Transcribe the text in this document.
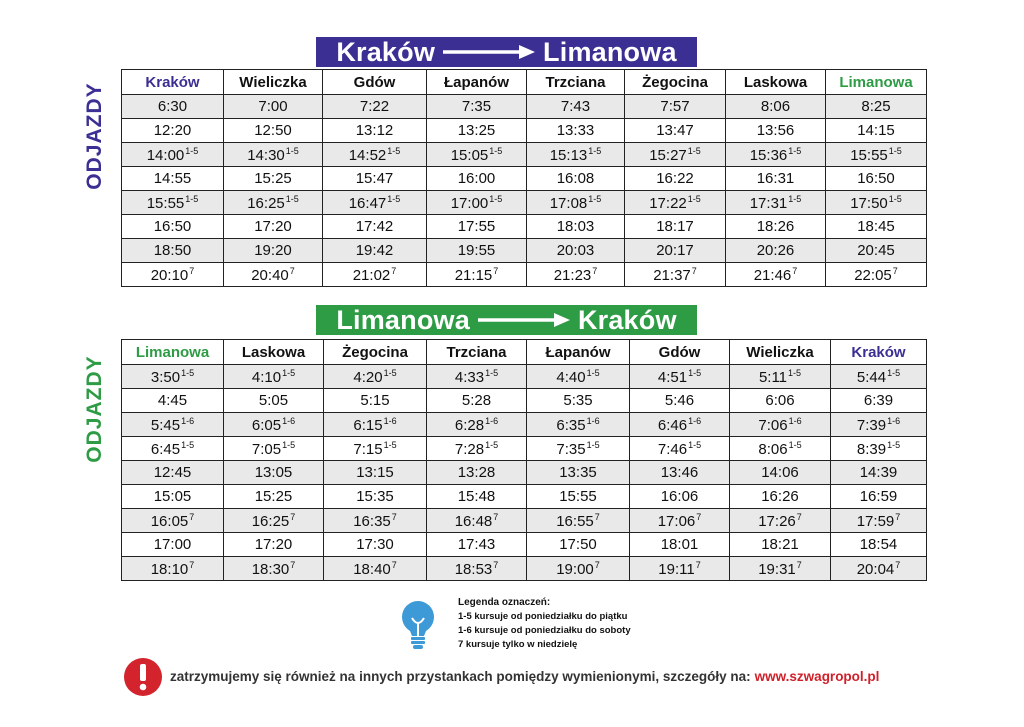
Kraków	Limanowa
ODJAZDY
Kraków	Wieliczka	Gdów	Łapanów	Trzciana	Żegocina	Laskowa	Limanowa
6:30	7:00	7:22	7:35	7:43	7:57	8:06	8:25
12:20	12:50	13:12	13:25	13:33	13:47	13:56	14:15
14:00$^{1-5}$	14:30$^{1-5}$	14:52$^{1-5}$	15:05$^{1-5}$	15:13$^{1-5}$	15:27$^{1-5}$	15:36$^{1-5}$	15:55$^{1-5}$
14:55	15:25	15:47	16:00	16:08	16:22	16:31	16:50
15:55$^{1-5}$	16:25$^{1-5}$	16:47$^{1-5}$	17:00$^{1-5}$	17:08$^{1-5}$	17:22$^{1-5}$	17:31$^{1-5}$	17:50$^{1-5}$
16:50	17:20	17:42	17:55	18:03	18:17	18:26	18:45
18:50	19:20	19:42	19:55	20:03	20:17	20:26	20:45
$20:10^7$	$20:40^7$	$21:02^7$	$21:15^7$	$21:23^7$	$21:37^7$	$21:46^7$	$22:05^7$
Limanowa	Kraków
ODJAZDY
Limanowa	Laskowa	Żegocina	Trzciana	Łapanów	Gdów	Wieliczka	Kraków
3:50$^{1-5}$	4:10$^{1-5}$	4:20$^{1-5}$	4:33$^{1-5}$	4:40$^{1-5}$	4:51$^{1-5}$	5:11$^{1-5}$	5:44$^{1-5}$
4:45	5:05	5:15	5:28	5:35	5:46	6:06	6:39
5:45$^{1-6}$	6:05$^{1-6}$	6:15$^{1-6}$	6:28$^{1-6}$	6:35$^{1-6}$	6:46$^{1-6}$	7:06$^{1-6}$	7:39$^{1-6}$
6:45$^{1-5}$	7:05$^{1-5}$	7:15$^{1-5}$	7:28$^{1-5}$	7:35$^{1-5}$	7:46$^{1-5}$	8:06$^{1-5}$	8:39$^{1-5}$
12:45	13:05	13:15	13:28	13:35	13:46	14:06	14:39
15:05	15:25	15:35	15:48	15:55	16:06	16:26	16:59
$16:05^7$	$16:25^7$	$16:35^7$	$16:48^7$	$16:55^7$	$17:06^7$	$17:26^7$	$17:59^7$
17:00	17:20	17:30	17:43	17:50	18:01	18:21	18:54
$18:10^7$	$18:30^7$	$18:40^7$	$18:53^7$	$19:00^7$	$19:11^7$	$19:31^7$	$20:04^7$
Legenda oznaczeń:
1-5 kursuje od poniedziałku do piątku
1-6 kursuje od poniedziałku do soboty
7 kursuje tylko w niedzielę
zatrzymujemy się również na innych przystankach pomiędzy wymienionymi, szczegóły na: www.szwagropol.pl
